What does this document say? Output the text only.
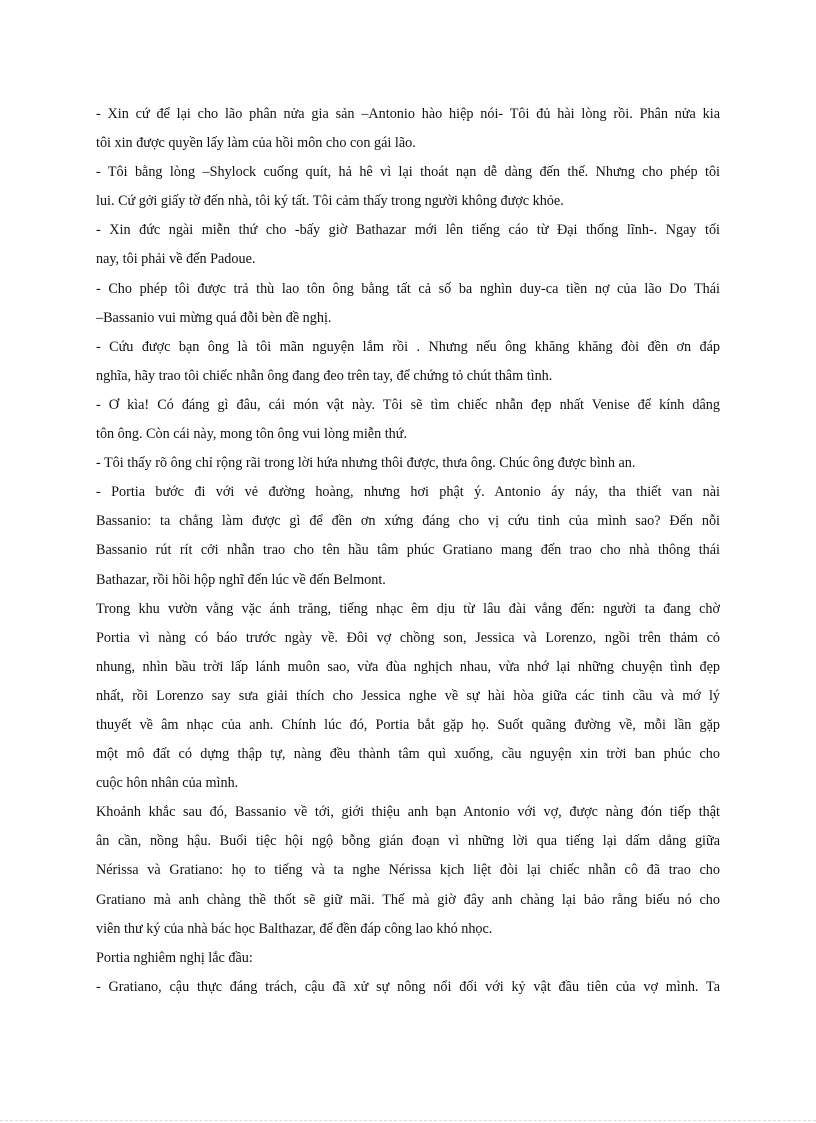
- Xin cứ để lại cho lão phân nửa gia sản –Antonio hào hiệp nói- Tôi đủ hài lòng rồi. Phân nửa kia
tôi xin được quyền lấy làm của hồi môn cho con gái lão.
- Tôi bằng lòng –Shylock cuống quít, hả hê vì lại thoát nạn dễ dàng đến thế. Nhưng cho phép tôi
lui. Cứ gởi giấy tờ đến nhà, tôi ký tất. Tôi cảm thấy trong người không được khỏe.
- Xin đức ngài miễn thứ cho -bấy giờ Bathazar mới lên tiếng cáo từ Đại thống lĩnh-. Ngay tối
nay, tôi phải về đến Padoue.
- Cho phép tôi được trả thù lao tôn ông bằng tất cả số ba nghìn duy-ca tiền nợ của lão Do Thái
–Bassanio vui mừng quá đỗi bèn đề nghị.
- Cứu được bạn ông là tôi mãn nguyện lắm rồi . Nhưng nếu ông khăng khăng đòi đền ơn đáp
nghĩa, hãy trao tôi chiếc nhẫn ông đang đeo trên tay, để chứng tỏ chút thâm tình.
- Ơ kìa! Có đáng gì đâu, cái món vật này. Tôi sẽ tìm chiếc nhẫn đẹp nhất Venise để kính dâng
tôn ông. Còn cái này, mong tôn ông vui lòng miễn thứ.
- Tôi thấy rõ ông chỉ rộng rãi trong lời hứa nhưng thôi được, thưa ông. Chúc ông được bình an.
- Portia bước đi với vẻ đường hoàng, nhưng hơi phật ý. Antonio áy náy, tha thiết van nài
Bassanio: ta chẳng làm được gì để đền ơn xứng đáng cho vị cứu tinh của mình sao? Đến nỗi
Bassanio rút rít cởi nhẫn trao cho tên hầu tâm phúc Gratiano mang đến trao cho nhà thông thái
Bathazar, rồi hồi hộp nghĩ đến lúc về đến Belmont.
Trong khu vườn vằng vặc ánh trăng, tiếng nhạc êm dịu từ lâu đài vẳng đến: người ta đang chờ
Portia vì nàng có báo trước ngày về. Đôi vợ chồng son, Jessica và Lorenzo, ngồi trên thảm cỏ
nhung, nhìn bầu trời lấp lánh muôn sao, vừa đùa nghịch nhau, vừa nhớ lại những chuyện tình đẹp
nhất, rồi Lorenzo say sưa giải thích cho Jessica nghe về sự hài hòa giữa các tinh cầu và mớ lý
thuyết về âm nhạc của anh. Chính lúc đó, Portia bắt gặp họ. Suốt quãng đường về, mỗi lần gặp
một mô đất có dựng thập tự, nàng đều thành tâm quì xuống, cầu nguyện xin trời ban phúc cho
cuộc hôn nhân của mình.
Khoảnh khắc sau đó, Bassanio về tới, giới thiệu anh bạn Antonio với vợ, được nàng đón tiếp thật
ân cần, nồng hậu. Buổi tiệc hội ngộ bỗng gián đoạn vì những lời qua tiếng lại dấm dẳng giữa
Nérissa và Gratiano: họ to tiếng và ta nghe Nérissa kịch liệt đòi lại chiếc nhẫn cô đã trao cho
Gratiano mà anh chàng thề thốt sẽ giữ mãi. Thế mà giờ đây anh chàng lại bảo rằng biếu nó cho
viên thư ký của nhà bác học Balthazar, để đền đáp công lao khó nhọc.
Portia nghiêm nghị lắc đầu:
- Gratiano, cậu thực đáng trách, cậu đã xử sự nông nổi đối với kỷ vật đầu tiên của vợ mình. Ta
